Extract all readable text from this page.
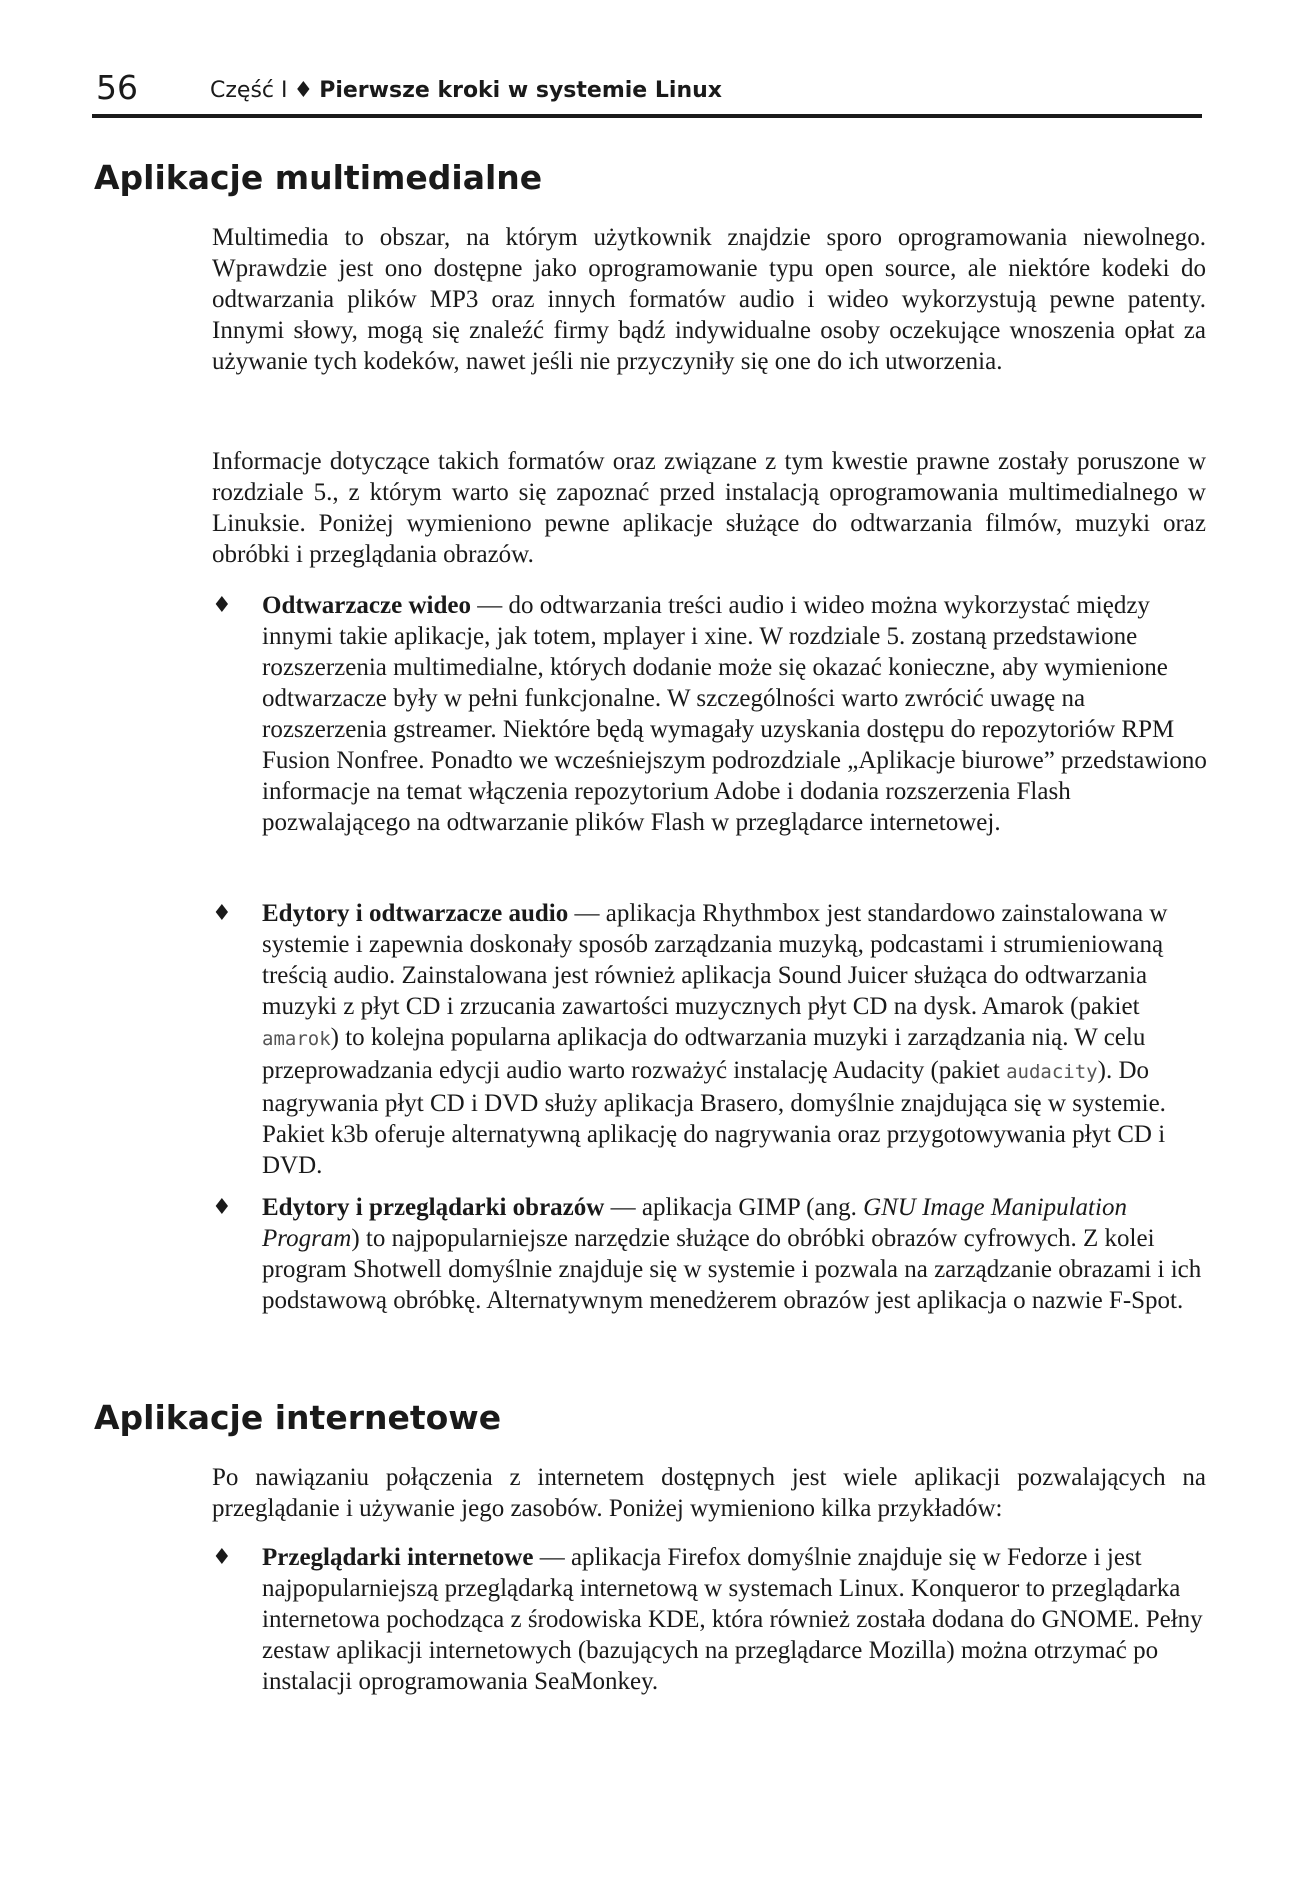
56	Część I ♦ Pierwsze kroki w systemie Linux
Aplikacje multimedialne

Multimedia to obszar, na którym użytkownik znajdzie sporo oprogramowania niewolnego. Wprawdzie jest ono dostępne jako oprogramowanie typu open source, ale niektóre kodeki do odtwarzania plików MP3 oraz innych formatów audio i wideo wykorzystują pewne patenty. Innymi słowy, mogą się znaleźć firmy bądź indywidualne osoby oczekujące wnoszenia opłat za używanie tych kodeków, nawet jeśli nie przyczyniły się one do ich utworzenia.

Informacje dotyczące takich formatów oraz związane z tym kwestie prawne zostały poruszone w rozdziale 5., z którym warto się zapoznać przed instalacją oprogramowania multimedialnego w Linuksie. Poniżej wymieniono pewne aplikacje służące do odtwarzania filmów, muzyki oraz obróbki i przeglądania obrazów.

♦ Odtwarzacze wideo — do odtwarzania treści audio i wideo można wykorzystać między innymi takie aplikacje, jak totem, mplayer i xine. W rozdziale 5. zostaną przedstawione rozszerzenia multimedialne, których dodanie może się okazać konieczne, aby wymienione odtwarzacze były w pełni funkcjonalne. W szczególności warto zwrócić uwagę na rozszerzenia gstreamer. Niektóre będą wymagały uzyskania dostępu do repozytoriów RPM Fusion Nonfree. Ponadto we wcześniejszym podrozdziale „Aplikacje biurowe” przedstawiono informacje na temat włączenia repozytorium Adobe i dodania rozszerzenia Flash pozwalającego na odtwarzanie plików Flash w przeglądarce internetowej.
♦ Edytory i odtwarzacze audio — aplikacja Rhythmbox jest standardowo zainstalowana w systemie i zapewnia doskonały sposób zarządzania muzyką, podcastami i strumieniowaną treścią audio. Zainstalowana jest również aplikacja Sound Juicer służąca do odtwarzania muzyki z płyt CD i zrzucania zawartości muzycznych płyt CD na dysk. Amarok (pakiet amarok) to kolejna popularna aplikacja do odtwarzania muzyki i zarządzania nią. W celu przeprowadzania edycji audio warto rozważyć instalację Audacity (pakiet audacity). Do nagrywania płyt CD i DVD służy aplikacja Brasero, domyślnie znajdująca się w systemie. Pakiet k3b oferuje alternatywną aplikację do nagrywania oraz przygotowywania płyt CD i DVD.
♦ Edytory i przeglądarki obrazów — aplikacja GIMP (ang. GNU Image Manipulation Program) to najpopularniejsze narzędzie służące do obróbki obrazów cyfrowych. Z kolei program Shotwell domyślnie znajduje się w systemie i pozwala na zarządzanie obrazami i ich podstawową obróbkę. Alternatywnym menedżerem obrazów jest aplikacja o nazwie F-Spot.
Aplikacje internetowe

Po nawiązaniu połączenia z internetem dostępnych jest wiele aplikacji pozwalających na przeglądanie i używanie jego zasobów. Poniżej wymieniono kilka przykładów:

♦ Przeglądarki internetowe — aplikacja Firefox domyślnie znajduje się w Fedorze i jest najpopularniejszą przeglądarką internetową w systemach Linux. Konqueror to przeglądarka internetowa pochodząca z środowiska KDE, która również została dodana do GNOME. Pełny zestaw aplikacji internetowych (bazujących na przeglądarce Mozilla) można otrzymać po instalacji oprogramowania SeaMonkey.
